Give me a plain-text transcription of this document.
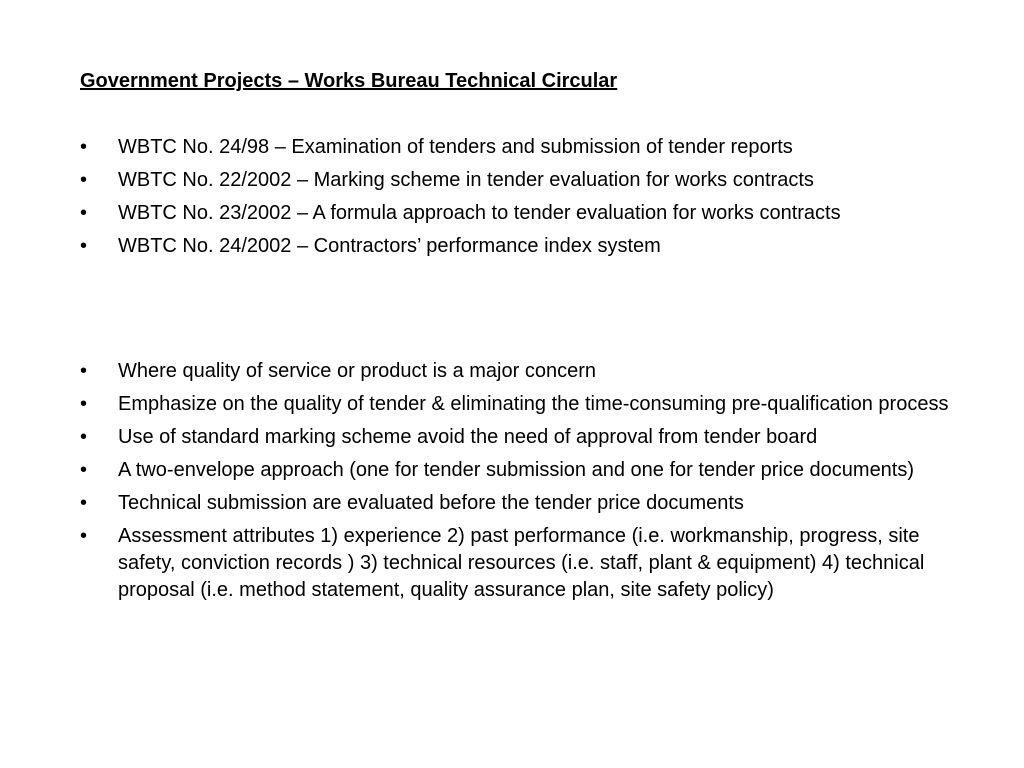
Government Projects – Works Bureau Technical Circular
•	WBTC No. 24/98 – Examination of tenders and submission of tender reports
•	WBTC No. 22/2002 – Marking scheme in tender evaluation for works contracts
•	WBTC No. 23/2002 – A formula approach to tender evaluation for works contracts
•	WBTC No. 24/2002 – Contractors’ performance index system
•	Where quality of service or product is a major concern
•	Emphasize on the quality of tender & eliminating the time-consuming pre-qualification process
•	Use of standard marking scheme avoid the need of approval from tender board
•	A two-envelope approach (one for tender submission and one for tender price documents)
•	Technical submission are evaluated before the tender price documents
•	Assessment attributes 1) experience 2) past performance (i.e. workmanship, progress, site safety, conviction records ) 3) technical resources (i.e. staff, plant & equipment) 4) technical proposal (i.e. method statement, quality assurance plan, site safety policy)
